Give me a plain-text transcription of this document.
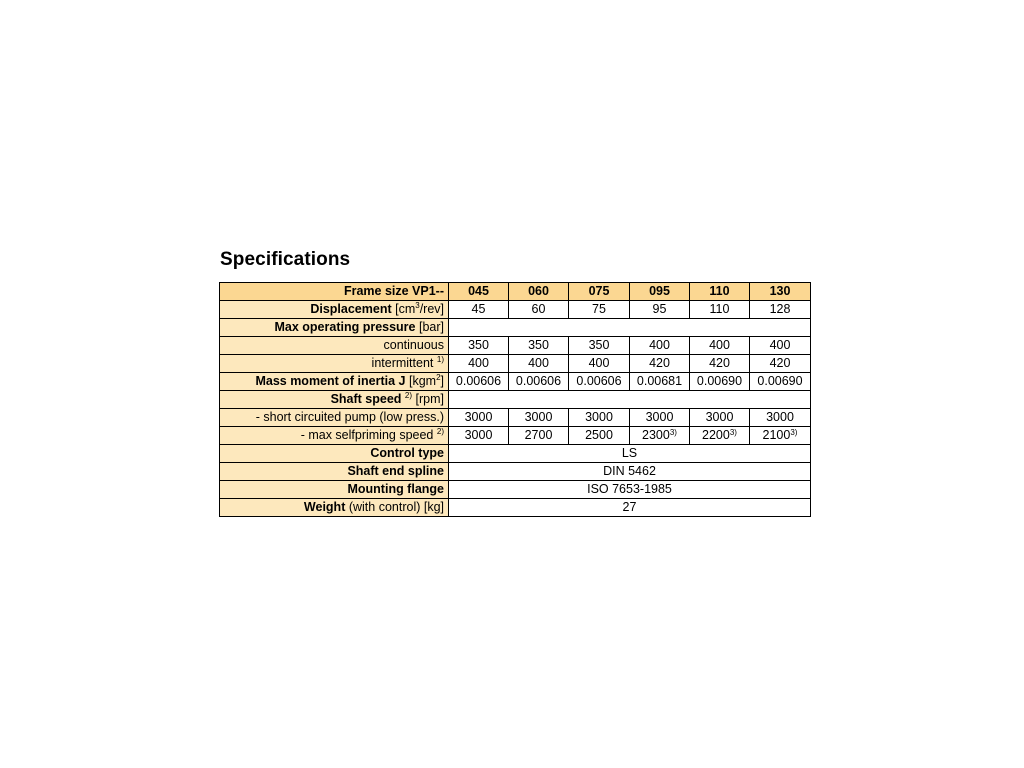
Specifications
Frame size VP1--	045	060	075	095	110	130
Displacement $[cm^3/rev]$	45	60	75	95	110	128
Max operating pressure [bar]						
continuous	350	350	350	400	400	400
intermittent $^{1)}$	400	400	400	420	420	420
Mass moment of inertia J [kgm$^2$]	0.00606	0.00606	0.00606	0.00681	0.00690	0.00690
Shaft speed $^{2)}$ [rpm]						
- short circuited pump (low press.)	3000	3000	3000	3000	3000	3000
- max selfpriming speed $^{2)}$	3000	2700	2500	2300$^{3)}$	2200$^{3)}$	2100$^{3)}$
Control type	LS					
Shaft end spline	DIN 5462					
Mounting flange	ISO 7653-1985					
Weight (with control) [kg]	27					
